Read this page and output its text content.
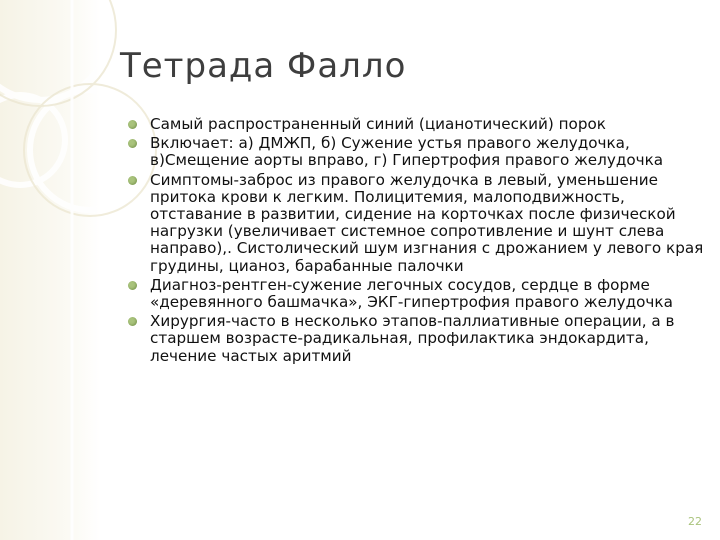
Тетрада Фалло
Самый распространенный синий (цианотический) порок
Включает: а) ДМЖП, б) Сужение устья правого желудочка, в)Смещение аорты вправо, г) Гипертрофия правого желудочка
Симптомы-заброс из правого желудочка в левый, уменьшение притока крови к легким. Полицитемия, малоподвижность, отставание в развитии, сидение на корточках после физической нагрузки (увеличивает системное сопротивление и шунт слева направо),. Систолический шум изгнания с дрожанием у левого края грудины, цианоз, барабанные палочки
Диагноз-рентген-сужение легочных сосудов, сердце в форме «деревянного башмачка», ЭКГ-гипертрофия правого желудочка
Хирургия-часто в несколько этапов-паллиативные операции, а в старшем возрасте-радикальная, профилактика эндокардита, лечение частых аритмий
22
